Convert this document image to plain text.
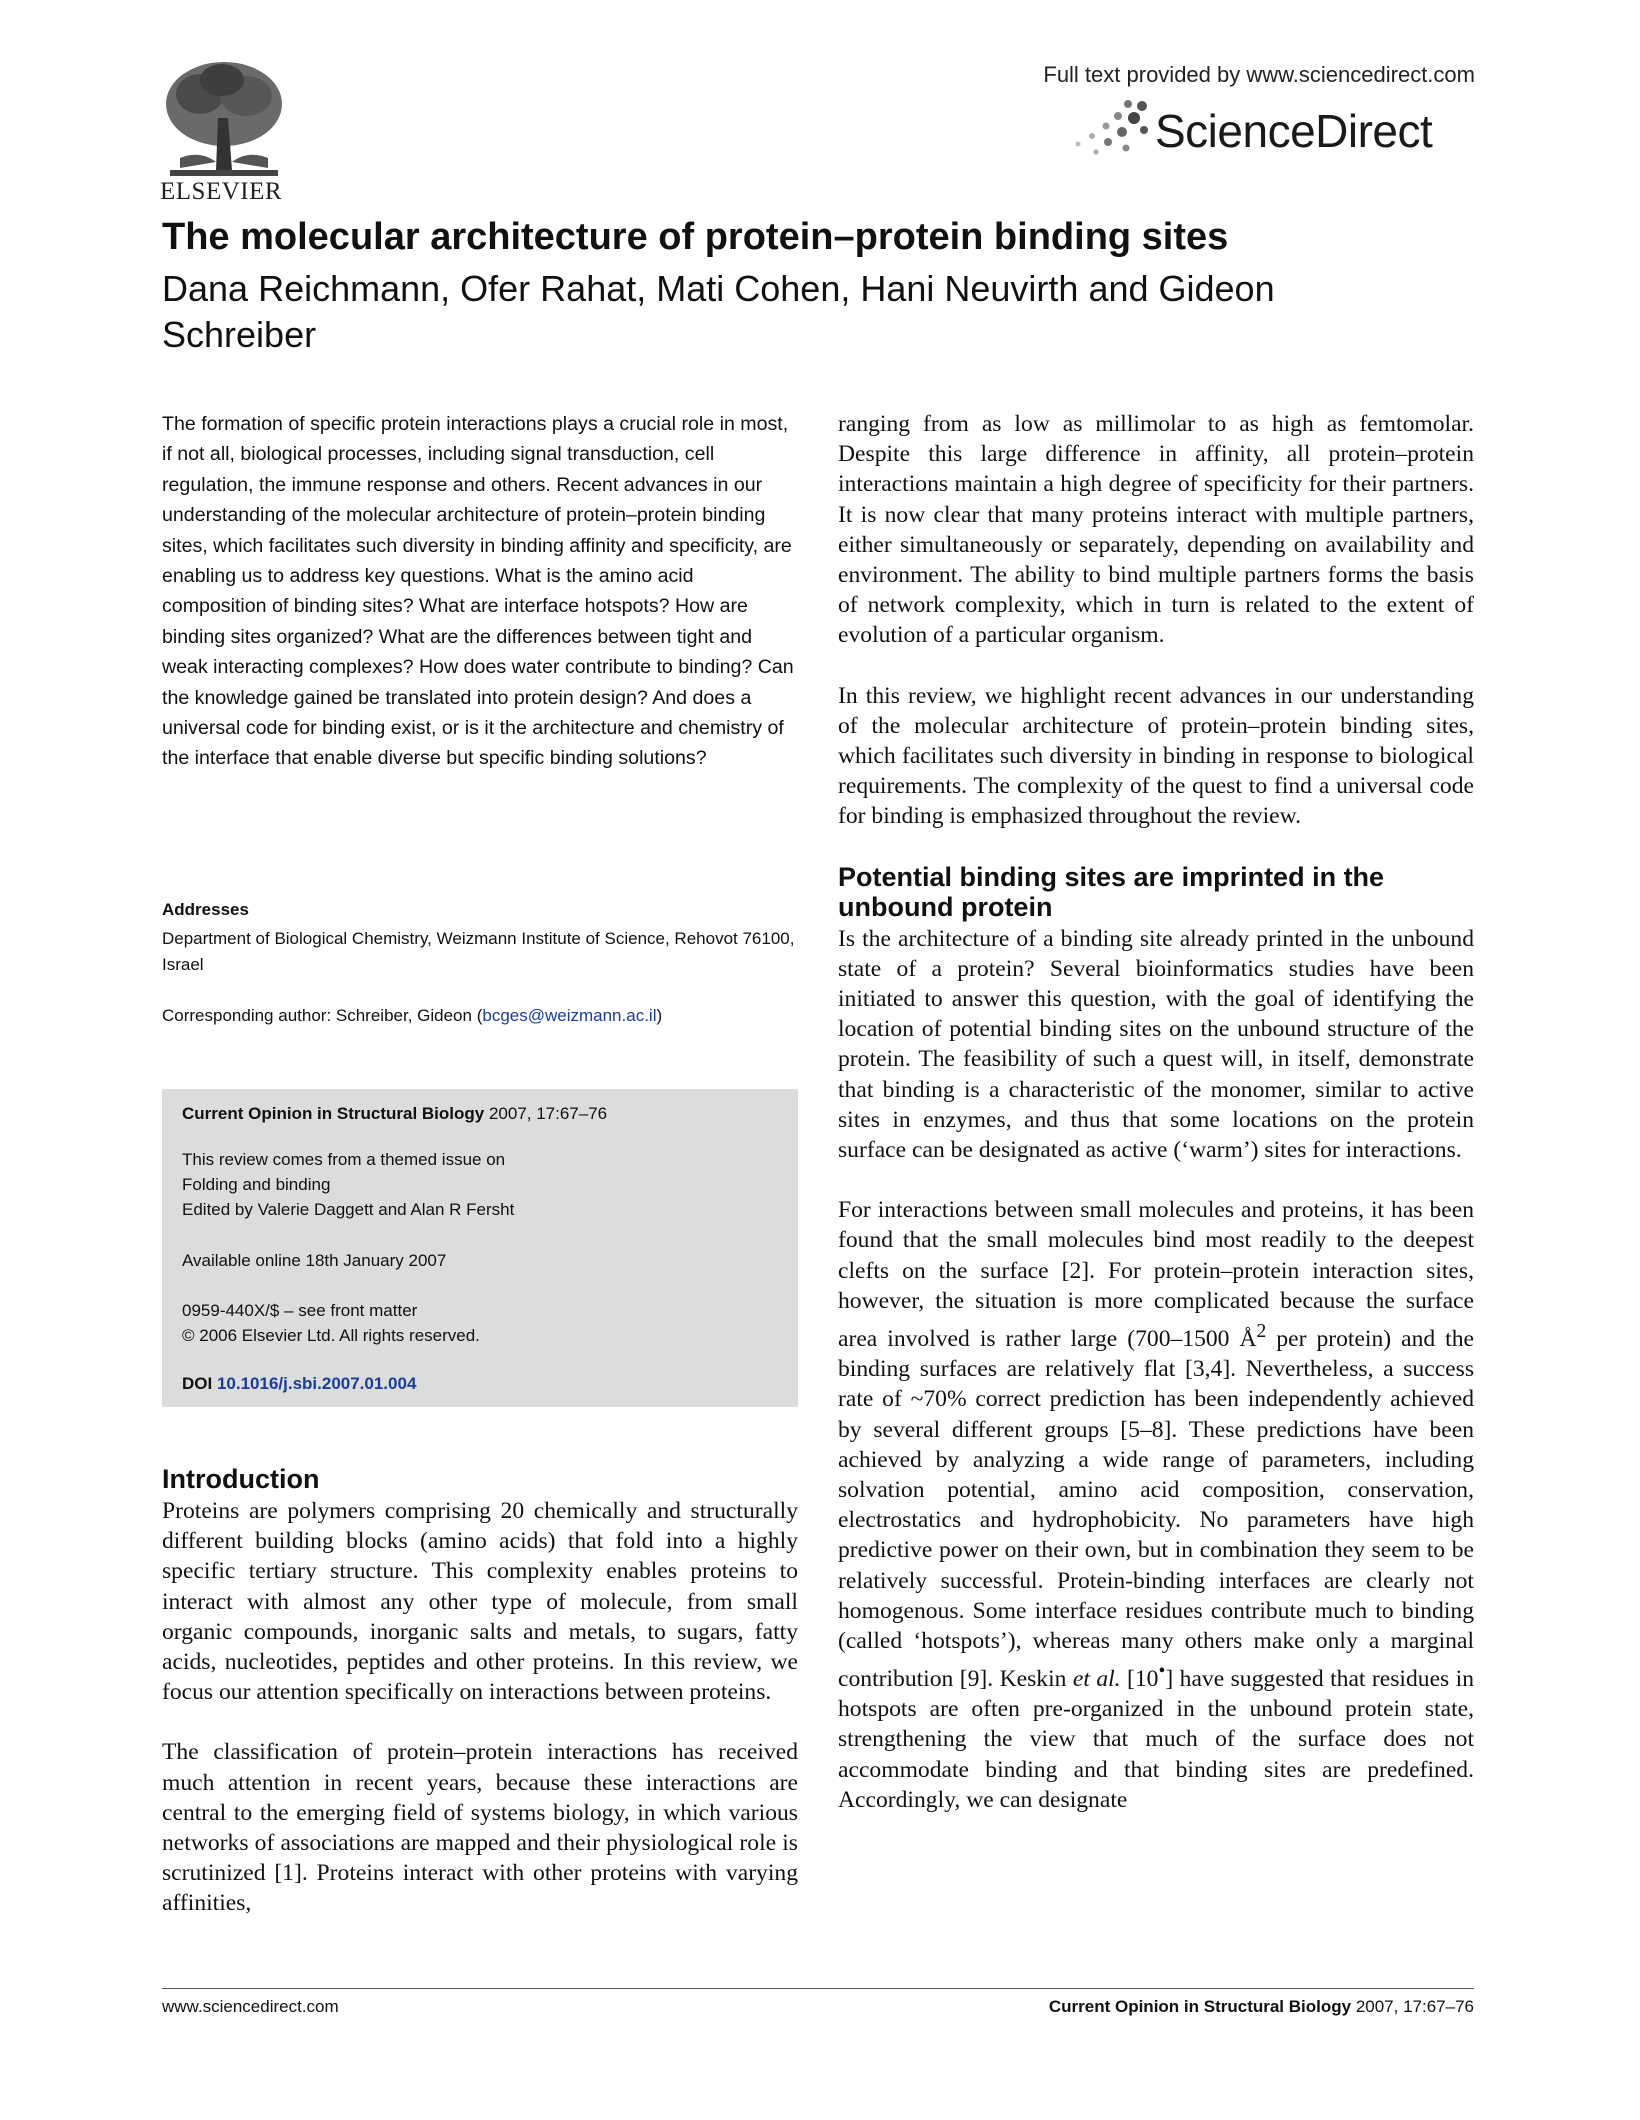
ELSEVIER
Full text provided by www.sciencedirect.com
ScienceDirect
The molecular architecture of protein–protein binding sites
Dana Reichmann, Ofer Rahat, Mati Cohen, Hani Neuvirth and Gideon Schreiber
The formation of specific protein interactions plays a crucial role in most, if not all, biological processes, including signal transduction, cell regulation, the immune response and others. Recent advances in our understanding of the molecular architecture of protein–protein binding sites, which facilitates such diversity in binding affinity and specificity, are enabling us to address key questions. What is the amino acid composition of binding sites? What are interface hotspots? How are binding sites organized? What are the differences between tight and weak interacting complexes? How does water contribute to binding? Can the knowledge gained be translated into protein design? And does a universal code for binding exist, or is it the architecture and chemistry of the interface that enable diverse but specific binding solutions?
Addresses
Department of Biological Chemistry, Weizmann Institute of Science, Rehovot 76100, Israel
Corresponding author: Schreiber, Gideon (bcges@weizmann.ac.il)
Current Opinion in Structural Biology 2007, 17:67–76
This review comes from a themed issue on
Folding and binding
Edited by Valerie Daggett and Alan R Fersht
Available online 18th January 2007
0959-440X/$ – see front matter
© 2006 Elsevier Ltd. All rights reserved.
DOI 10.1016/j.sbi.2007.01.004
Introduction

Proteins are polymers comprising 20 chemically and structurally different building blocks (amino acids) that fold into a highly specific tertiary structure. This complexity enables proteins to interact with almost any other type of molecule, from small organic compounds, inorganic salts and metals, to sugars, fatty acids, nucleotides, peptides and other proteins. In this review, we focus our attention specifically on interactions between proteins.

The classification of protein–protein interactions has received much attention in recent years, because these interactions are central to the emerging field of systems biology, in which various networks of associations are mapped and their physiological role is scrutinized [1]. Proteins interact with other proteins with varying affinities,

ranging from as low as millimolar to as high as femtomolar. Despite this large difference in affinity, all protein–protein interactions maintain a high degree of specificity for their partners. It is now clear that many proteins interact with multiple partners, either simultaneously or separately, depending on availability and environment. The ability to bind multiple partners forms the basis of network complexity, which in turn is related to the extent of evolution of a particular organism.

In this review, we highlight recent advances in our understanding of the molecular architecture of protein–protein binding sites, which facilitates such diversity in binding in response to biological requirements. The complexity of the quest to find a universal code for binding is emphasized throughout the review.

Potential binding sites are imprinted in the unbound protein

Is the architecture of a binding site already printed in the unbound state of a protein? Several bioinformatics studies have been initiated to answer this question, with the goal of identifying the location of potential binding sites on the unbound structure of the protein. The feasibility of such a quest will, in itself, demonstrate that binding is a characteristic of the monomer, similar to active sites in enzymes, and thus that some locations on the protein surface can be designated as active (‘warm’) sites for interactions.

For interactions between small molecules and proteins, it has been found that the small molecules bind most readily to the deepest clefts on the surface [2]. For protein–protein interaction sites, however, the situation is more complicated because the surface area involved is rather large (700–1500 $Å^2$ per protein) and the binding surfaces are relatively flat [3,4]. Nevertheless, a success rate of ~70% correct prediction has been independently achieved by several different groups [5–8]. These predictions have been achieved by analyzing a wide range of parameters, including solvation potential, amino acid composition, conservation, electrostatics and hydrophobicity. No parameters have high predictive power on their own, but in combination they seem to be relatively successful. Protein-binding interfaces are clearly not homogenous. Some interface residues contribute much to binding (called ‘hotspots’), whereas many others make only a marginal contribution [9]. Keskin et al. [10•] have suggested that residues in hotspots are often pre-organized in the unbound protein state, strengthening the view that much of the surface does not accommodate binding and that binding sites are predefined. Accordingly, we can designate

www.sciencedirect.com	Current Opinion in Structural Biology 2007, 17:67–76
